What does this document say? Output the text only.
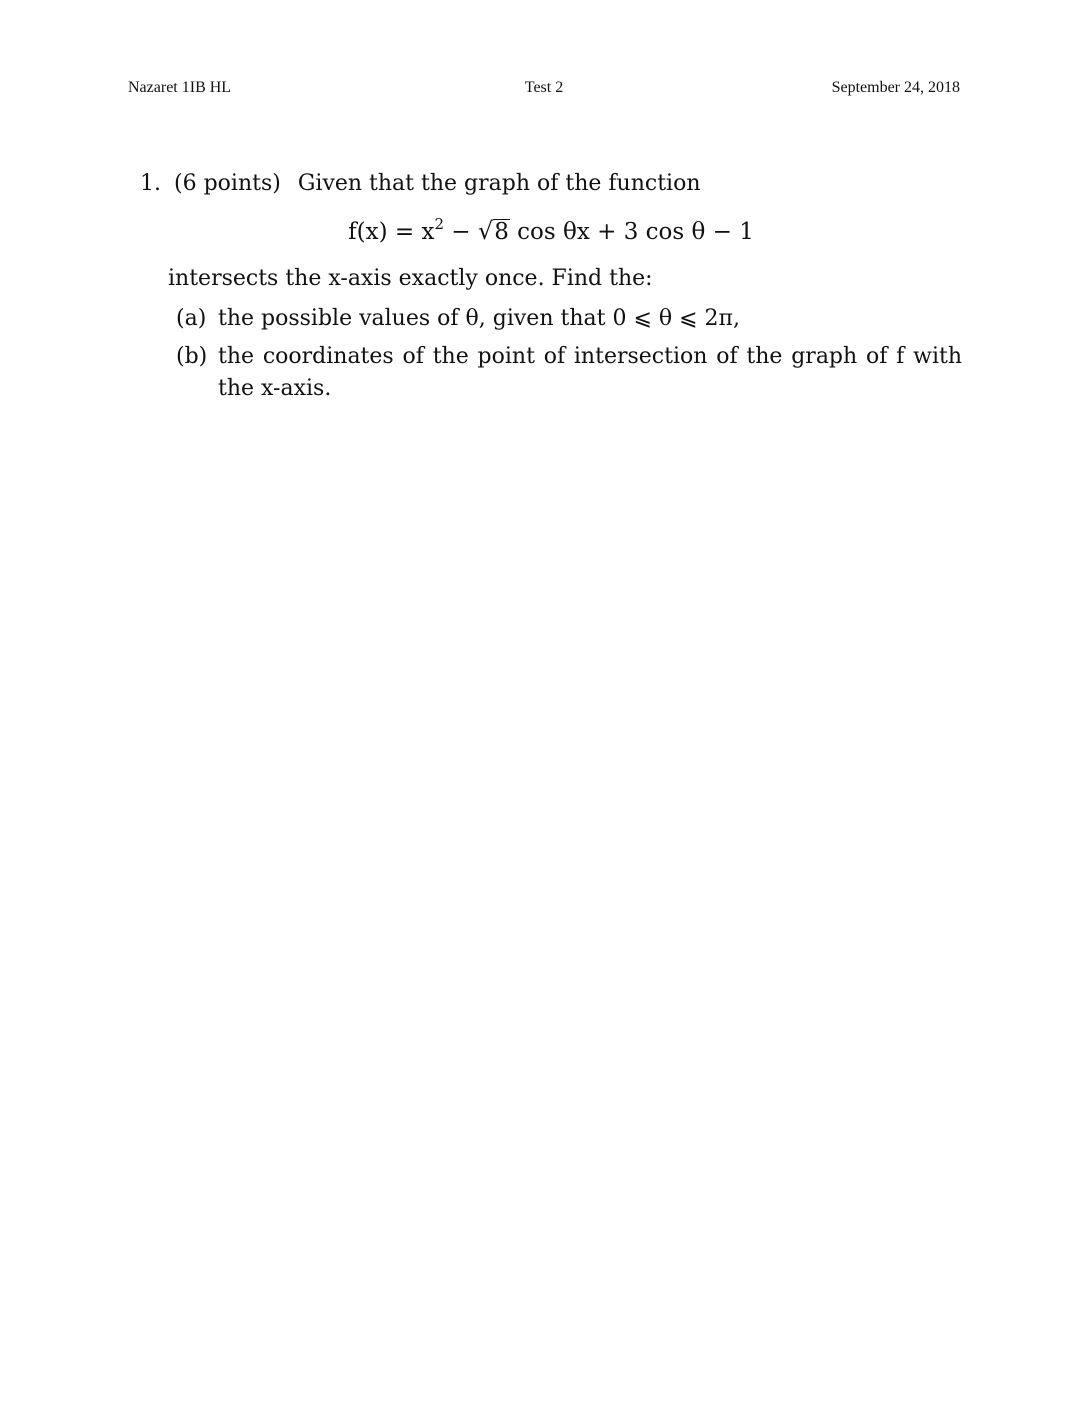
Nazaret 1IB HL	Test 2	September 24, 2018
1. (6 points) Given that the graph of the function
$f(x) = x^2 - √8$ cos θx + 3 cos θ − 1
intersects the x-axis exactly once. Find the:
(a) the possible values of θ, given that 0 ⩽ θ ⩽ 2π,
(b) the coordinates of the point of intersection of the graph of f with
the x-axis.
